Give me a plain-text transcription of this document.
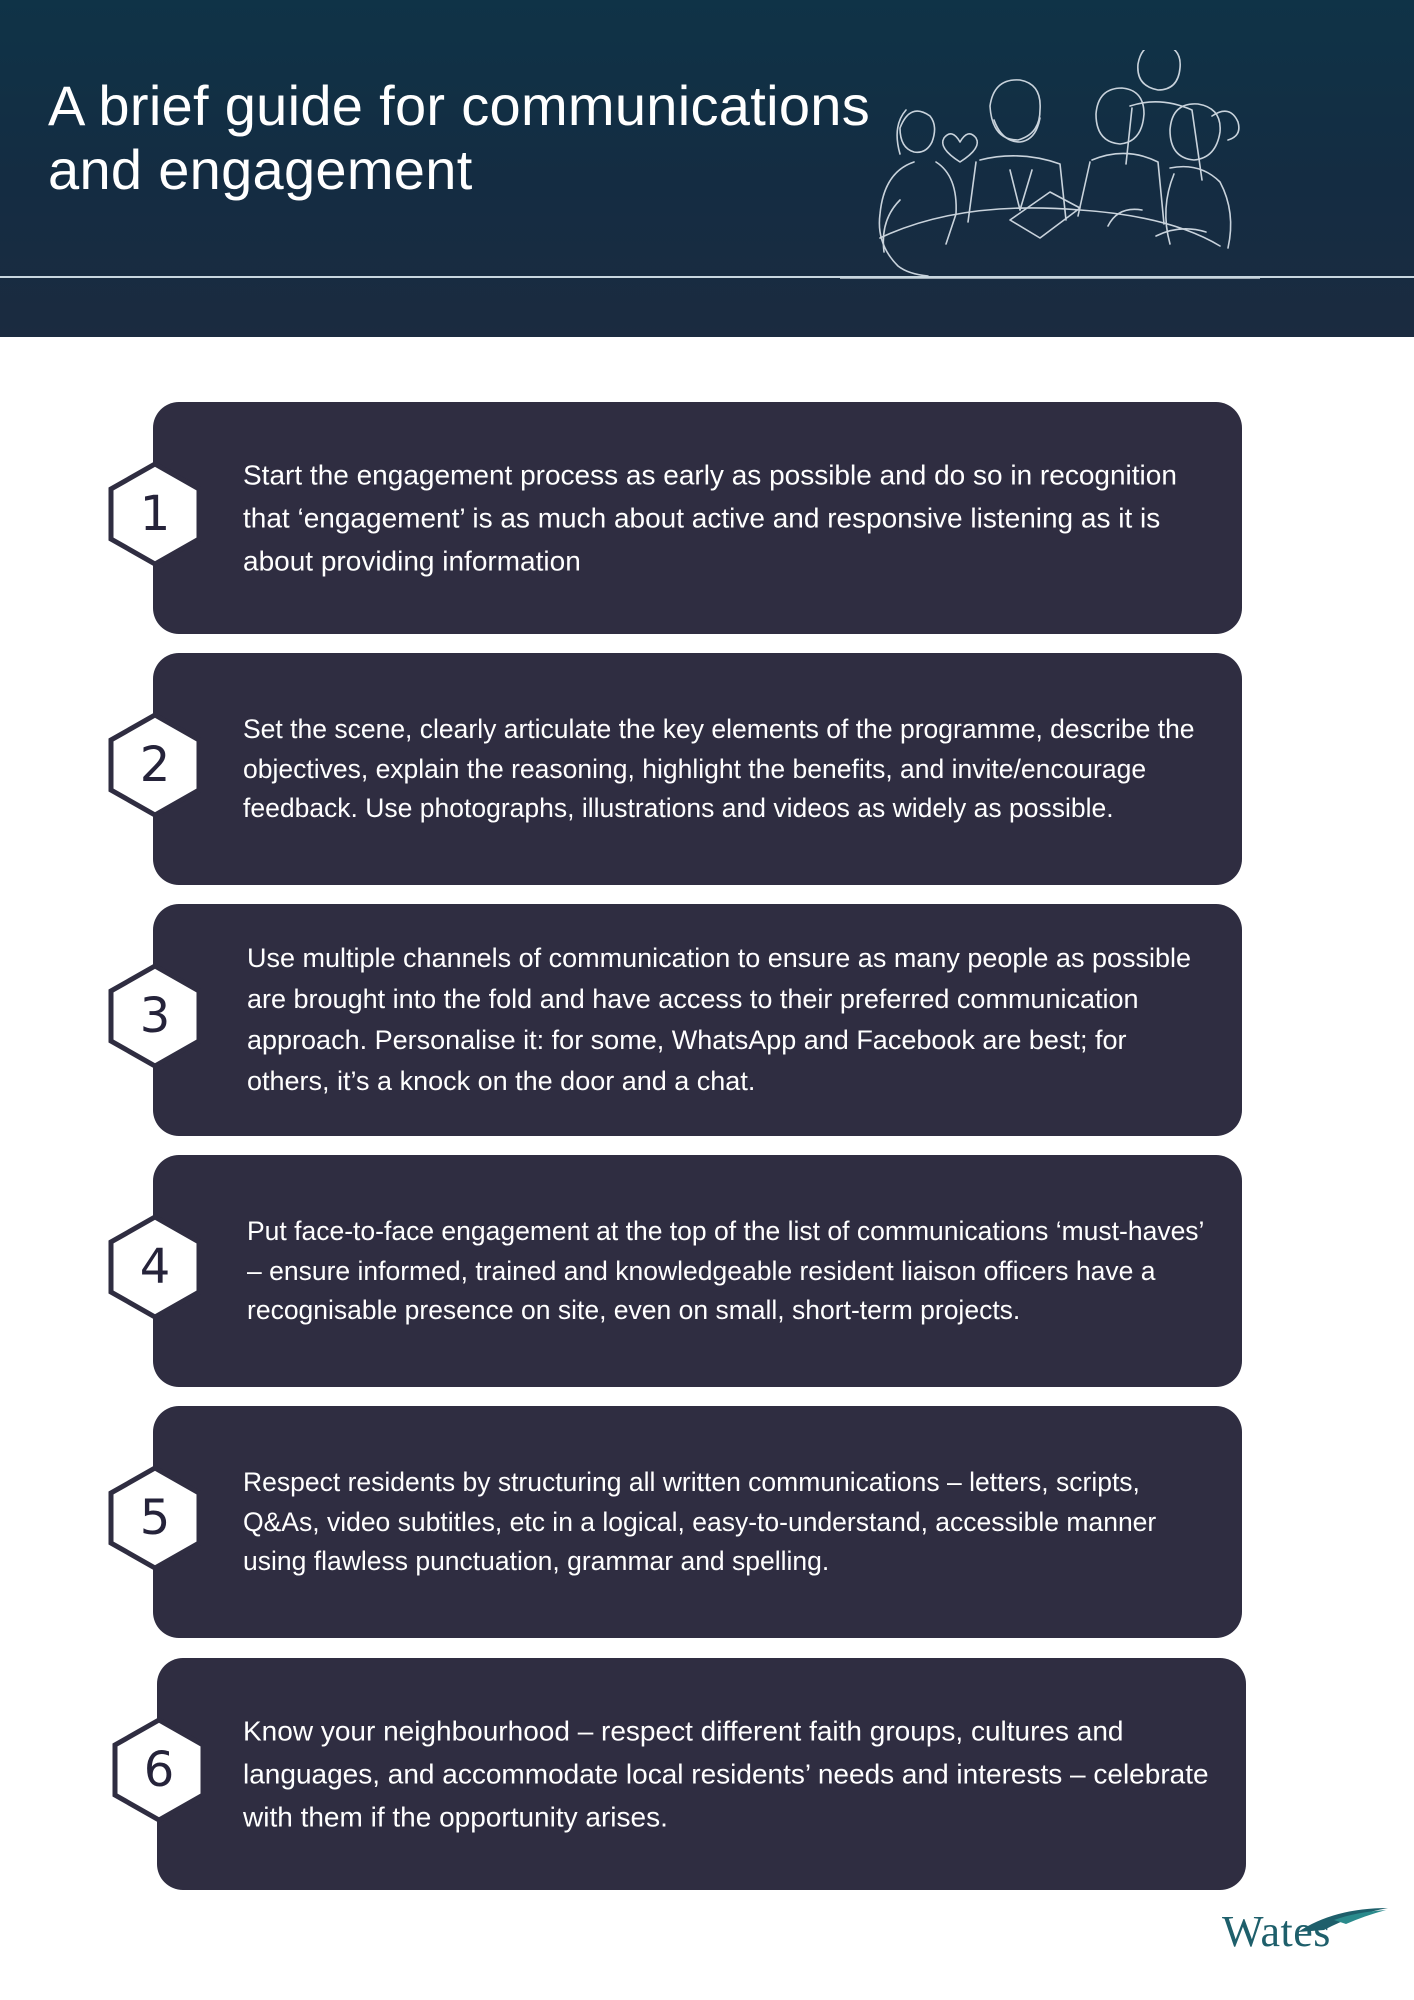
A brief guide for communications
and engagement

Start the engagement process as early as possible and do so in recognition that ‘engagement’ is as much about active and responsive listening as it is about providing information

1

Set the scene, clearly articulate the key elements of the programme, describe the objectives, explain the reasoning, highlight the benefits, and invite/encourage feedback. Use photographs, illustrations and videos as widely as possible.

2

Use multiple channels of communication to ensure as many people as possible are brought into the fold and have access to their preferred communication approach. Personalise it: for some, WhatsApp and Facebook are best; for others, it’s a knock on the door and a chat.

3

Put face-to-face engagement at the top of the list of communications ‘must-haves’ – ensure informed, trained and knowledgeable resident liaison officers have a recognisable presence on site, even on small, short-term projects.

4

Respect residents by structuring all written communications – letters, scripts, Q&As, video subtitles, etc in a logical, easy-to-understand, accessible manner using flawless punctuation, grammar and spelling.

5

Know your neighbourhood – respect different faith groups, cultures and languages, and accommodate local residents’ needs and interests – celebrate with them if the opportunity arises.

6
Wates
